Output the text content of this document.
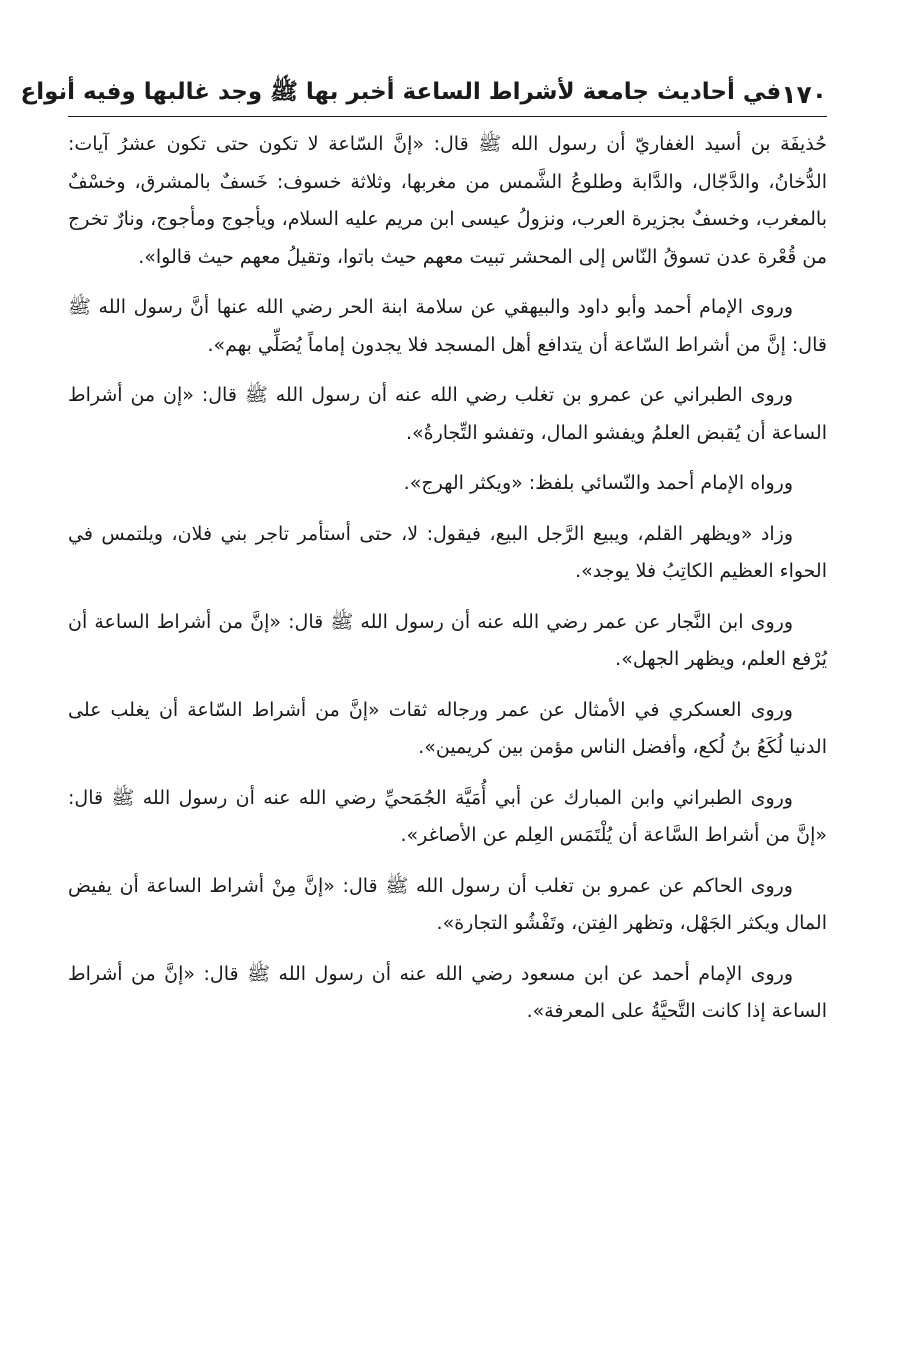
١٧٠
في أحاديث جامعة لأشراط الساعة أخبر بها ﷺ وجد غالبها وفيه أنواع

حُذيفَة بن أسيد الغفاريّ أن رسول الله ﷺ قال: «إنَّ السّاعة لا تكون حتى تكون عشرُ آيات: الدُّخانُ، والدَّجّال، والدَّابة وطلوعُ الشَّمس من مغربها، وثلاثة خسوف: خَسفٌ بالمشرق، وخسْفٌ بالمغرب، وخسفٌ بجزيرة العرب، ونزولُ عيسى ابن مريم عليه السلام، ويأجوج ومأجوج، ونارٌ تخرج من قُعْرة عدن تسوقُ النّاس إلى المحشر تبيت معهم حيث باتوا، وتقيلُ معهم حيث قالوا».

وروى الإمام أحمد وأبو داود والبيهقي عن سلامة ابنة الحر رضي الله عنها أنَّ رسول الله ﷺ قال: إنَّ من أشراط السّاعة أن يتدافع أهل المسجد فلا يجدون إماماً يُصَلِّي بهم».

وروى الطبراني عن عمرو بن تغلب رضي الله عنه أن رسول الله ﷺ قال: «إن من أشراط الساعة أن يُقبض العلمُ ويفشو المال، وتفشو التِّجارةُ».

ورواه الإمام أحمد والنّسائي بلفظ: «ويكثر الهرج».

وزاد «ويظهر القلم، ويبيع الرَّجل البيع، فيقول: لا، حتى أستأمر تاجر بني فلان، ويلتمس في الحواء العظيم الكاتِبُ فلا يوجد».

وروى ابن النَّجار عن عمر رضي الله عنه أن رسول الله ﷺ قال: «إنَّ من أشراط الساعة أن يُرْفع العلم، ويظهر الجهل».

وروى العسكري في الأمثال عن عمر ورجاله ثقات «إنَّ من أشراط السّاعة أن يغلب على الدنيا لُكَعُ بنُ لُكع، وأفضل الناس مؤمن بين كريمين».

وروى الطبراني وابن المبارك عن أبي أُمَيَّة الجُمَحيِّ رضي الله عنه أن رسول الله ﷺ قال: «إنَّ من أشراط السَّاعة أن يُلْتَمَس العِلم عن الأصاغر».

وروى الحاكم عن عمرو بن تغلب أن رسول الله ﷺ قال: «إنَّ مِنْ أشراط الساعة أن يفيض المال ويكثر الجَهْل، وتظهر الفِتن، وتَفْشُو التجارة».

وروى الإمام أحمد عن ابن مسعود رضي الله عنه أن رسول الله ﷺ قال: «إنَّ من أشراط الساعة إذا كانت التَّحيَّةُ على المعرفة».
